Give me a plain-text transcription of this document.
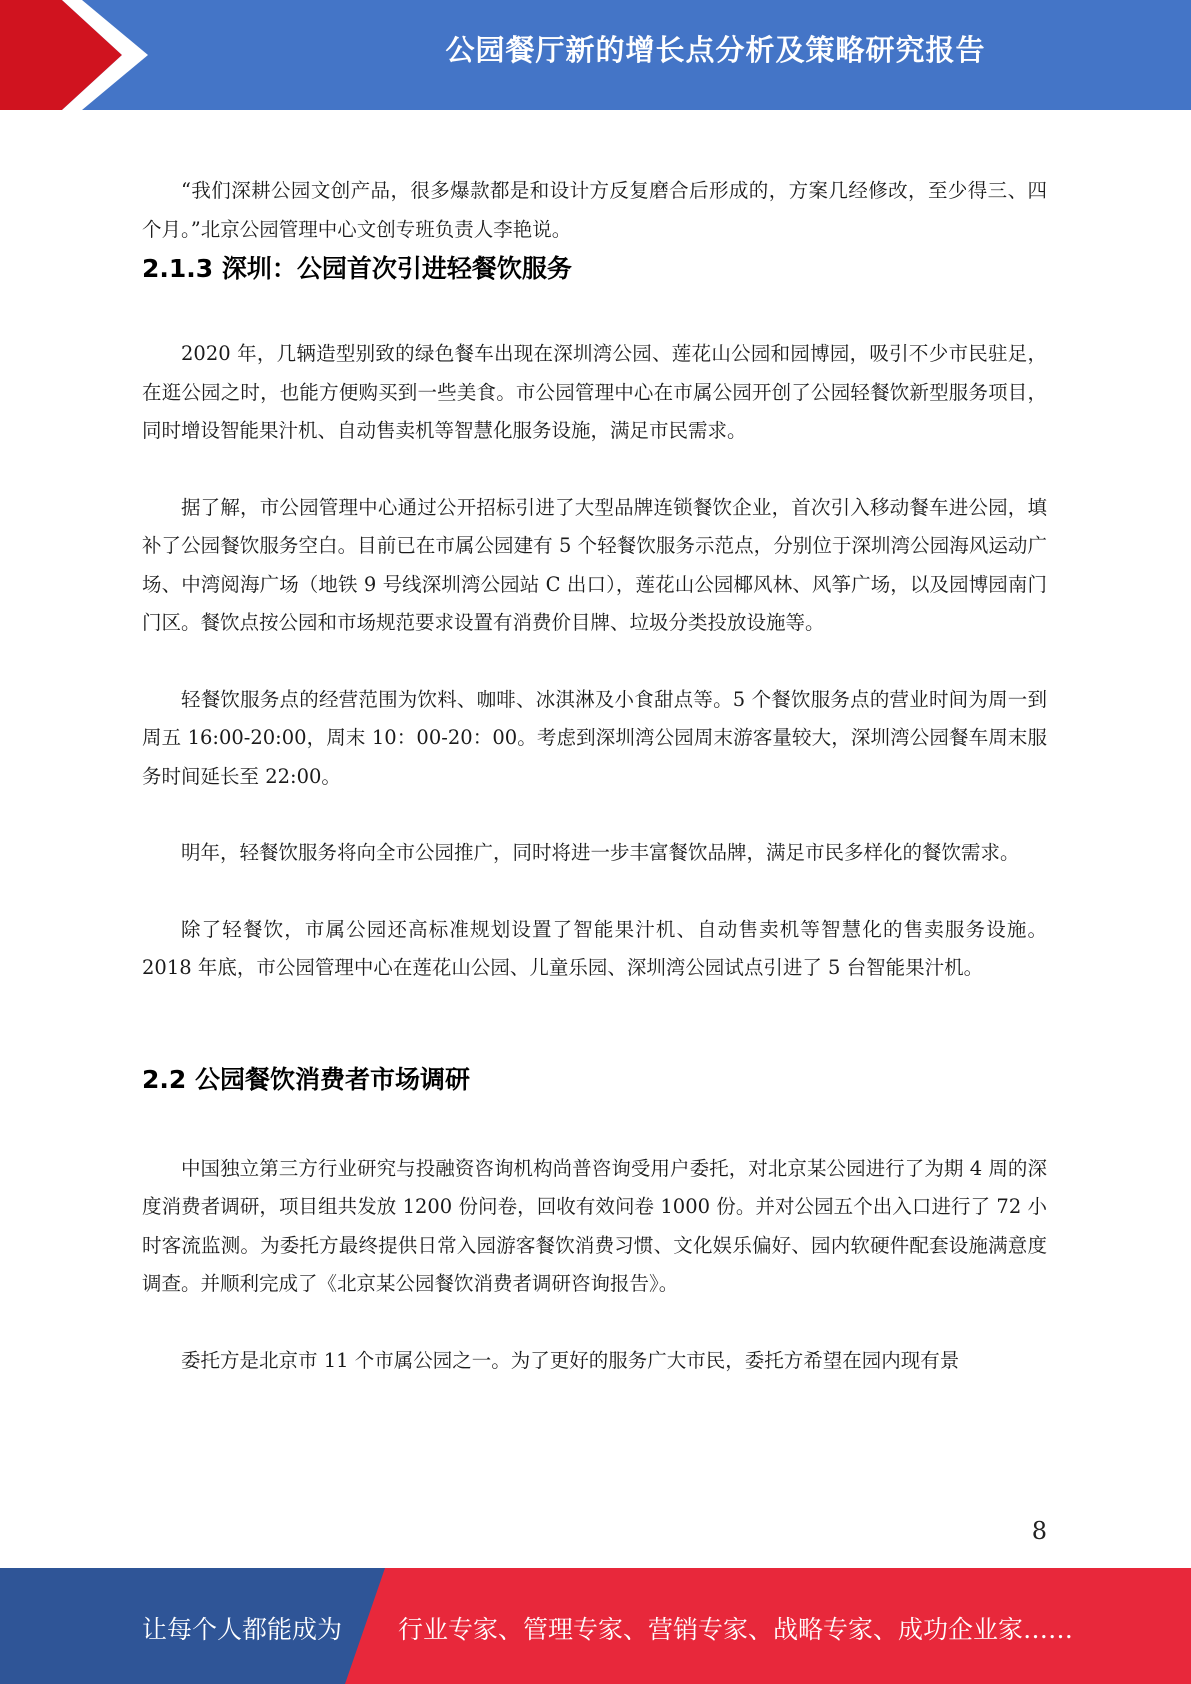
公园餐厅新的增长点分析及策略研究报告

“我们深耕公园文创产品，很多爆款都是和设计方反复磨合后形成的，方案几经修改，至少得三、四个月。”北京公园管理中心文创专班负责人李艳说。

2.1.3 深圳：公园首次引进轻餐饮服务

2020 年，几辆造型别致的绿色餐车出现在深圳湾公园、莲花山公园和园博园，吸引不少市民驻足，在逛公园之时，也能方便购买到一些美食。市公园管理中心在市属公园开创了公园轻餐饮新型服务项目，同时增设智能果汁机、自动售卖机等智慧化服务设施，满足市民需求。

据了解，市公园管理中心通过公开招标引进了大型品牌连锁餐饮企业，首次引入移动餐车进公园，填补了公园餐饮服务空白。目前已在市属公园建有 5 个轻餐饮服务示范点，分别位于深圳湾公园海风运动广场、中湾阅海广场（地铁 9 号线深圳湾公园站 C 出口），莲花山公园椰风林、风筝广场，以及园博园南门门区。餐饮点按公园和市场规范要求设置有消费价目牌、垃圾分类投放设施等。

轻餐饮服务点的经营范围为饮料、咖啡、冰淇淋及小食甜点等。5 个餐饮服务点的营业时间为周一到周五 16:00-20:00，周末 10：00-20：00。考虑到深圳湾公园周末游客量较大，深圳湾公园餐车周末服务时间延长至 22:00。

明年，轻餐饮服务将向全市公园推广，同时将进一步丰富餐饮品牌，满足市民多样化的餐饮需求。

除了轻餐饮，市属公园还高标准规划设置了智能果汁机、自动售卖机等智慧化的售卖服务设施。2018 年底，市公园管理中心在莲花山公园、儿童乐园、深圳湾公园试点引进了 5 台智能果汁机。

2.2 公园餐饮消费者市场调研

中国独立第三方行业研究与投融资咨询机构尚普咨询受用户委托，对北京某公园进行了为期 4 周的深度消费者调研，项目组共发放 1200 份问卷，回收有效问卷 1000 份。并对公园五个出入口进行了 72 小时客流监测。为委托方最终提供日常入园游客餐饮消费习惯、文化娱乐偏好、园内软硬件配套设施满意度调查。并顺利完成了《北京某公园餐饮消费者调研咨询报告》。

委托方是北京市 11 个市属公园之一。为了更好的服务广大市民，委托方希望在园内现有景

8
让每个人都能成为 行业专家、管理专家、营销专家、战略专家、成功企业家……
